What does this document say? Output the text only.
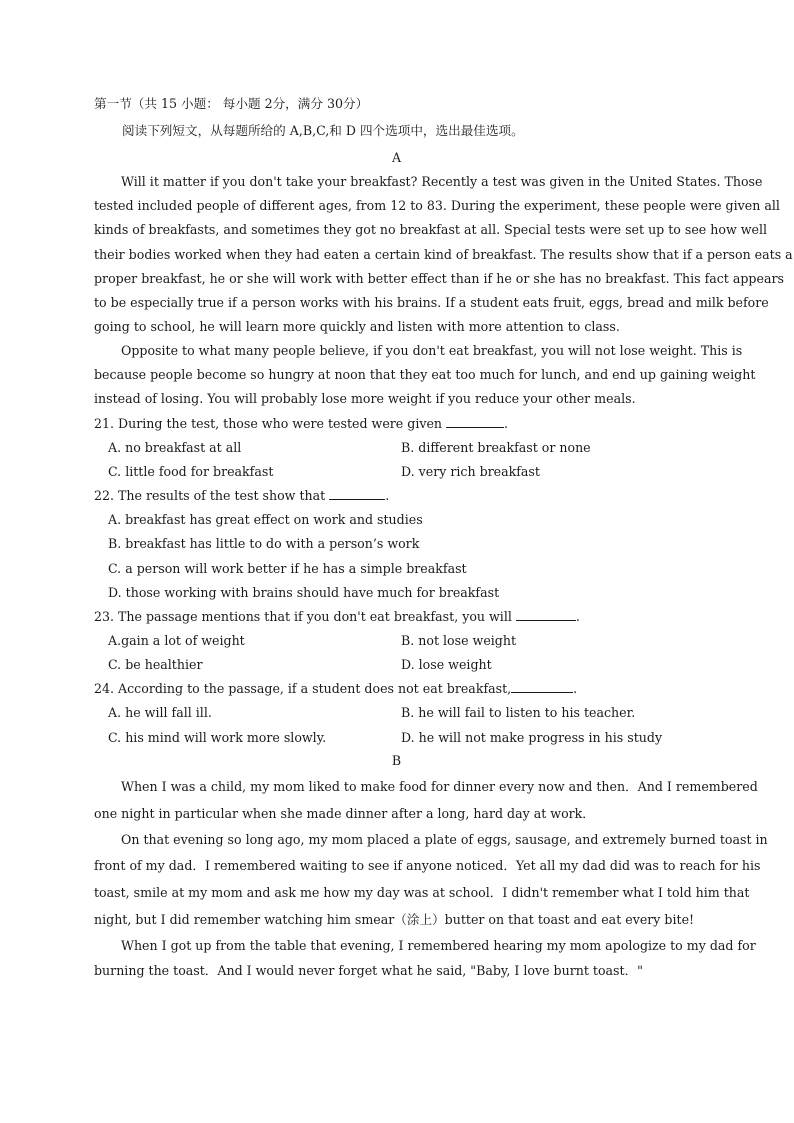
第一节（共 15 小题： 每小题 2分，满分 30分）
阅读下列短文，从每题所给的 A,B,C,和 D 四个选项中，选出最佳选项。
A
Will it matter if you don't take your breakfast? Recently a test was given in the United States. Those
tested included people of different ages, from 12 to 83. During the experiment, these people were given all
kinds of breakfasts, and sometimes they got no breakfast at all. Special tests were set up to see how well
their bodies worked when they had eaten a certain kind of breakfast. The results show that if a person eats a
proper breakfast, he or she will work with better effect than if he or she has no breakfast. This fact appears
to be especially true if a person works with his brains. If a student eats fruit, eggs, bread and milk before
going to school, he will learn more quickly and listen with more attention to class.
Opposite to what many people believe, if you don't eat breakfast, you will not lose weight. This is
because people become so hungry at noon that they eat too much for lunch, and end up gaining weight
instead of losing. You will probably lose more weight if you reduce your other meals.
21. During the test, those who were tested were given	.
A. no breakfast at all	B. different breakfast or none
C. little food for breakfast	D. very rich breakfast
22. The results of the test show that	.
A. breakfast has great effect on work and studies
B. breakfast has little to do with a person’s work
C. a person will work better if he has a simple breakfast
D. those working with brains should have much for breakfast
23. The passage mentions that if you don't eat breakfast, you will	.
A.gain a lot of weight	B. not lose weight
C. be healthier	D. lose weight
24. According to the passage, if a student does not eat breakfast,	.
A. he will fall ill.	B. he will fail to listen to his teacher.
C. his mind will work more slowly.	D. he will not make progress in his study
B
When I was a child, my mom liked to make food for dinner every now and then．And I remembered
one night in particular when she made dinner after a long, hard day at work．
On that evening so long ago, my mom placed a plate of eggs, sausage, and extremely burned toast in
front of my dad．I remembered waiting to see if anyone noticed．Yet all my dad did was to reach for his
toast, smile at my mom and ask me how my day was at school．I didn't remember what I told him that
night, but I did remember watching him smear（涂上）butter on that toast and eat every bite!
When I got up from the table that evening, I remembered hearing my mom apologize to my dad for
burning the toast．And I would never forget what he said, "Baby, I love burnt toast．"
